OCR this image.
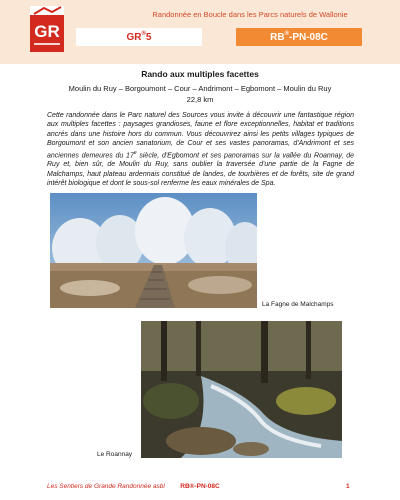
GR
Randonnée en Boucle dans les Parcs naturels de Wallonie
GR® 5	RB® -PN-08C
Rando aux multiples facettes
Moulin du Ruy – Borgoumont – Cour – Andrimont – Egbomont – Moulin du Ruy
22,8 km

Cette randonnée dans le Parc naturel des Sources vous invite à découvrir une fantastique région aux multiples facettes : paysages grandioses, faune et flore exceptionnelles, habitat et traditions ancrés dans une histoire hors du commun. Vous découvrirez ainsi les petits villages typiques de Borgoumont et son ancien sanatorium, de Cour et ses vastes panoramas, d'Andrimont et ses anciennes demeures du 17e siècle, d'Egbomont et ses panoramas sur la vallée du Roannay, de Ruy et, bien sûr, de Moulin du Ruy, sans oublier la traversée d'une partie de la Fagne de Malchamps, haut plateau ardennais constitué de landes, de tourbières et de forêts, site de grand intérêt biologique et dont le sous-sol renferme les eaux minérales de Spa.

La Fagne de Malchamps
Le Roannay
Les Sentiers de Grande Randonnée asbl	RB®-PN-08C	1
